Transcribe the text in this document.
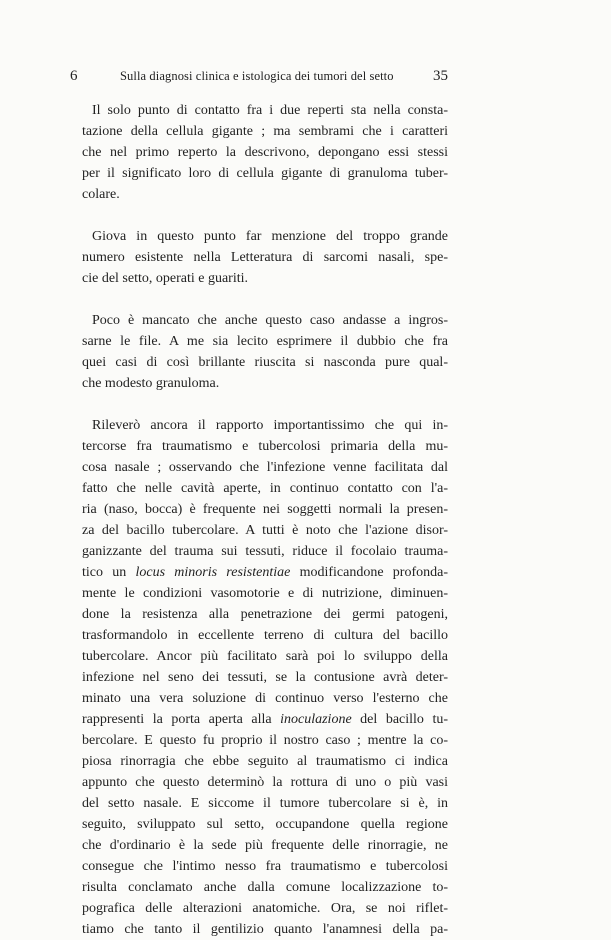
6	Sulla diagnosi clinica e istologica dei tumori del setto	35
Il solo punto di contatto fra i due reperti sta nella consta-
tazione della cellula gigante ; ma sembrami che i caratteri
che nel primo reperto la descrivono, depongano essi stessi
per il significato loro di cellula gigante di granuloma tuber-
colare.
Giova in questo punto far menzione del troppo grande
numero esistente nella Letteratura di sarcomi nasali, spe-
cie del setto, operati e guariti.
Poco è mancato che anche questo caso andasse a ingros-
sarne le file. A me sia lecito esprimere il dubbio che fra
quei casi di così brillante riuscita si nasconda pure qual-
che modesto granuloma.
Rileverò ancora il rapporto importantissimo che qui in-
tercorse fra traumatismo e tubercolosi primaria della mu-
cosa nasale ; osservando che l'infezione venne facilitata dal
fatto che nelle cavità aperte, in continuo contatto con l'a-
ria (naso, bocca) è frequente nei soggetti normali la presen-
za del bacillo tubercolare. A tutti è noto che l'azione disor-
ganizzante del trauma sui tessuti, riduce il focolaio trauma-
tico un locus minoris resistentiae modificandone profonda-
mente le condizioni vasomotorie e di nutrizione, diminuen-
done la resistenza alla penetrazione dei germi patogeni,
trasformandolo in eccellente terreno di cultura del bacillo
tubercolare. Ancor più facilitato sarà poi lo sviluppo della
infezione nel seno dei tessuti, se la contusione avrà deter-
minato una vera soluzione di continuo verso l'esterno che
rappresenti la porta aperta alla inoculazione del bacillo tu-
bercolare. E questo fu proprio il nostro caso ; mentre la co-
piosa rinorragia che ebbe seguito al traumatismo ci indica
appunto che questo determinò la rottura di uno o più vasi
del setto nasale. E siccome il tumore tubercolare si è, in
seguito, sviluppato sul setto, occupandone quella regione
che d'ordinario è la sede più frequente delle rinorragie, ne
consegue che l'intimo nesso fra traumatismo e tubercolosi
risulta conclamato anche dalla comune localizzazione to-
pografica delle alterazioni anatomiche. Ora, se noi riflet-
tiamo che tanto il gentilizio quanto l'anamnesi della pa-
